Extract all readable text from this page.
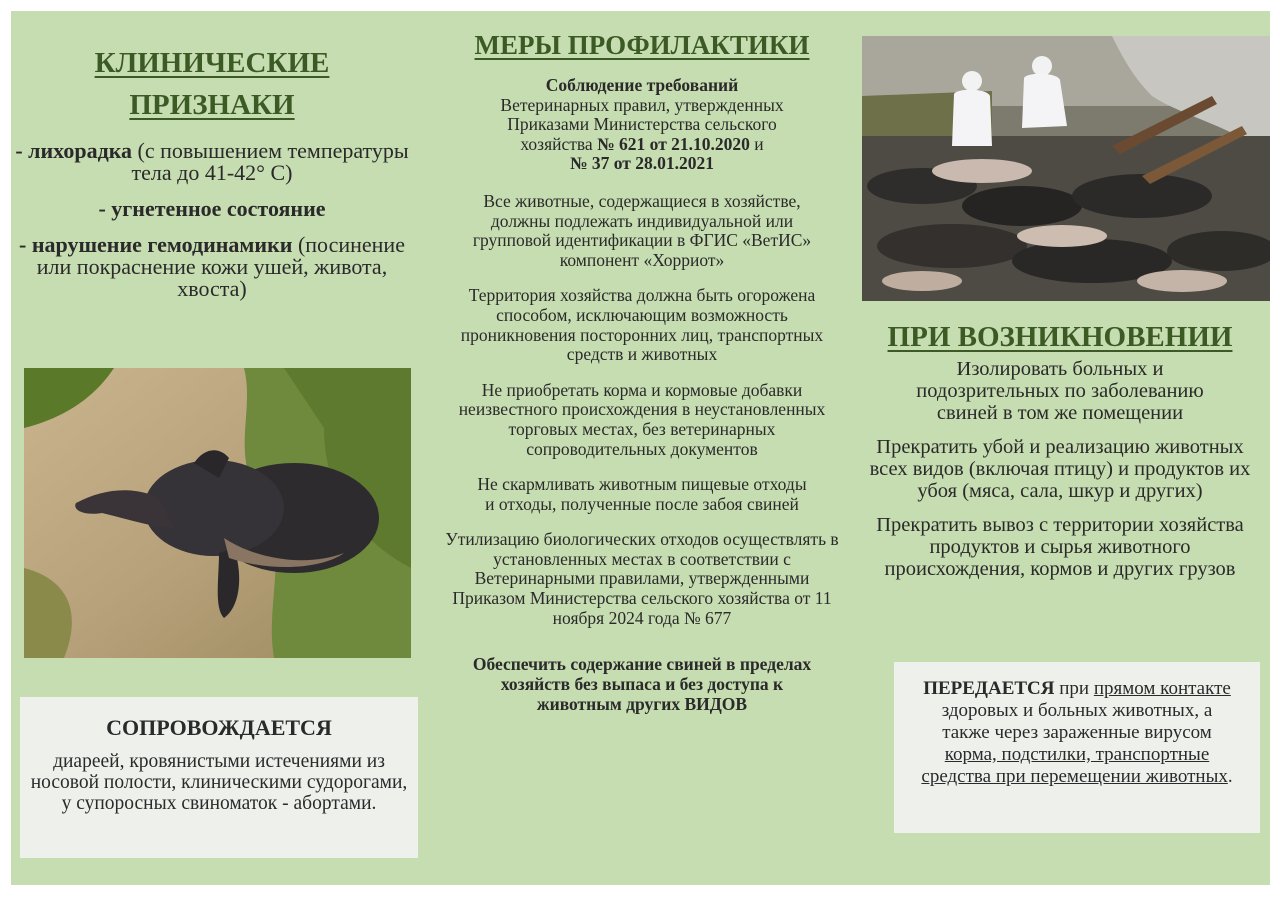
КЛИНИЧЕСКИЕ ПРИЗНАКИ
- лихорадка (с повышением температуры тела до 41-42° С)
- угнетенное состояние
- нарушение гемодинамики (посинение или покраснение кожи ушей, живота, хвоста)
СОПРОВОЖДАЕТСЯ
диареей, кровянистыми истечениями из носовой полости, клиническими судорогами, у супоросных свиноматок - абортами.
МЕРЫ ПРОФИЛАКТИКИ
Соблюдение требований
Ветеринарных правил, утвержденных Приказами Министерства сельского хозяйства № 621 от 21.10.2020 и
№ 37 от 28.01.2021
Все животные, содержащиеся в хозяйстве, должны подлежать индивидуальной или групповой идентификации в ФГИС «ВетИС» компонент «Хорриот»
Территория хозяйства должна быть огорожена способом, исключающим возможность проникновения посторонних лиц, транспортных средств и животных
Не приобретать корма и кормовые добавки неизвестного происхождения в неустановленных торговых местах, без ветеринарных сопроводительных документов
Не скармливать животным пищевые отходы и отходы, полученные после забоя свиней
Утилизацию биологических отходов осуществлять в установленных местах в соответствии с Ветеринарными правилами, утвержденными Приказом Министерства сельского хозяйства от 11 ноября 2024 года № 677
Обеспечить содержание свиней в пределах хозяйств без выпаса и без доступа к животным других ВИДОВ
ПРИ ВОЗНИКНОВЕНИИ
Изолировать больных и подозрительных по заболеванию свиней в том же помещении
Прекратить убой и реализацию животных всех видов (включая птицу) и продуктов их убоя (мяса, сала, шкур и других)
Прекратить вывоз с территории хозяйства продуктов и сырья животного происхождения, кормов и других грузов
ПЕРЕДАЕТСЯ при прямом контакте здоровых и больных животных, а также через зараженные вирусом корма, подстилки, транспортные средства при перемещении животных.
